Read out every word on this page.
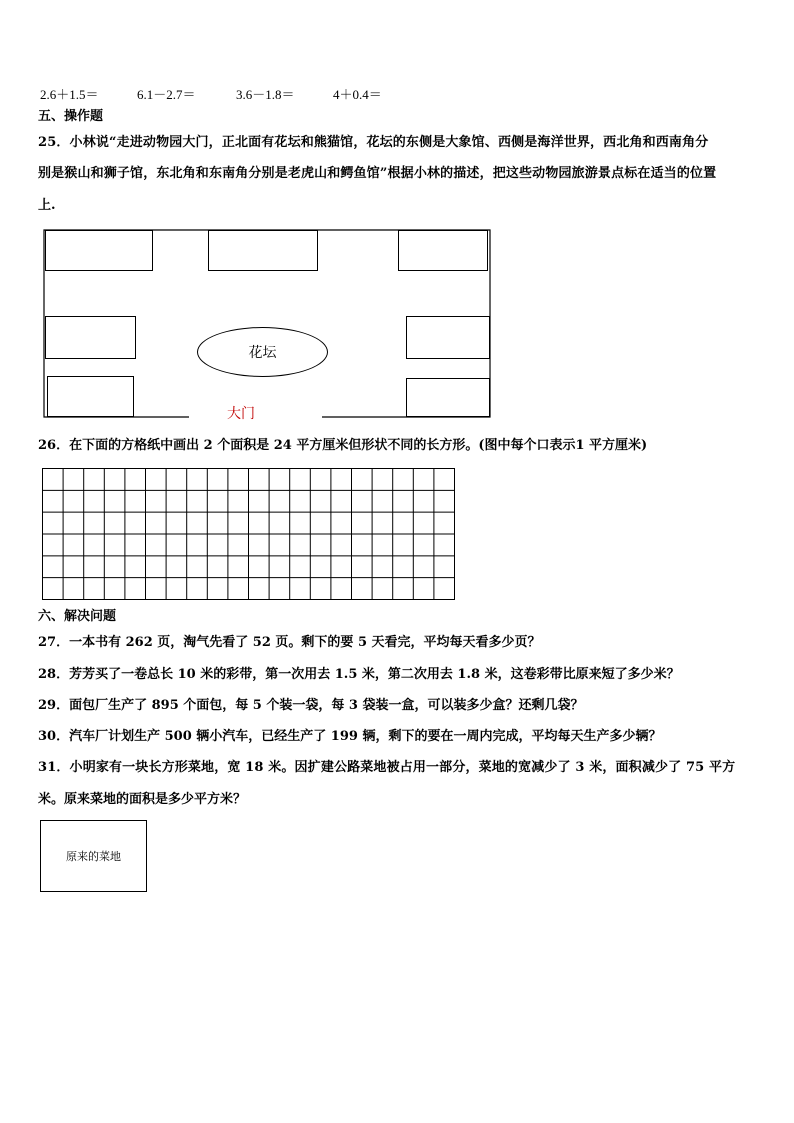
2.6＋1.5＝	6.1－2.7＝	3.6－1.8＝	4＋0.4＝
五、操作题
25．小林说“走进动物园大门，正北面有花坛和熊猫馆，花坛的东侧是大象馆、西侧是海洋世界，西北角和西南角分
别是猴山和狮子馆，东北角和东南角分别是老虎山和鳄鱼馆”根据小林的描述，把这些动物园旅游景点标在适当的位置
上.
花坛
大门
26．在下面的方格纸中画出 2 个面积是 24 平方厘米但形状不同的长方形。(图中每个口表示1 平方厘米)
六、解决问题
27．一本书有 262 页，淘气先看了 52 页。剩下的要 5 天看完，平均每天看多少页？
28．芳芳买了一卷总长 10 米的彩带，第一次用去 1.5 米，第二次用去 1.8 米，这卷彩带比原来短了多少米？
29．面包厂生产了 895 个面包，每 5 个装一袋，每 3 袋装一盒，可以装多少盒？还剩几袋？
30．汽车厂计划生产 500 辆小汽车，已经生产了 199 辆，剩下的要在一周内完成，平均每天生产多少辆？
31．小明家有一块长方形菜地，宽 18 米。因扩建公路菜地被占用一部分，菜地的宽减少了 3 米，面积减少了 75 平方
米。原来菜地的面积是多少平方米？
原来的菜地
